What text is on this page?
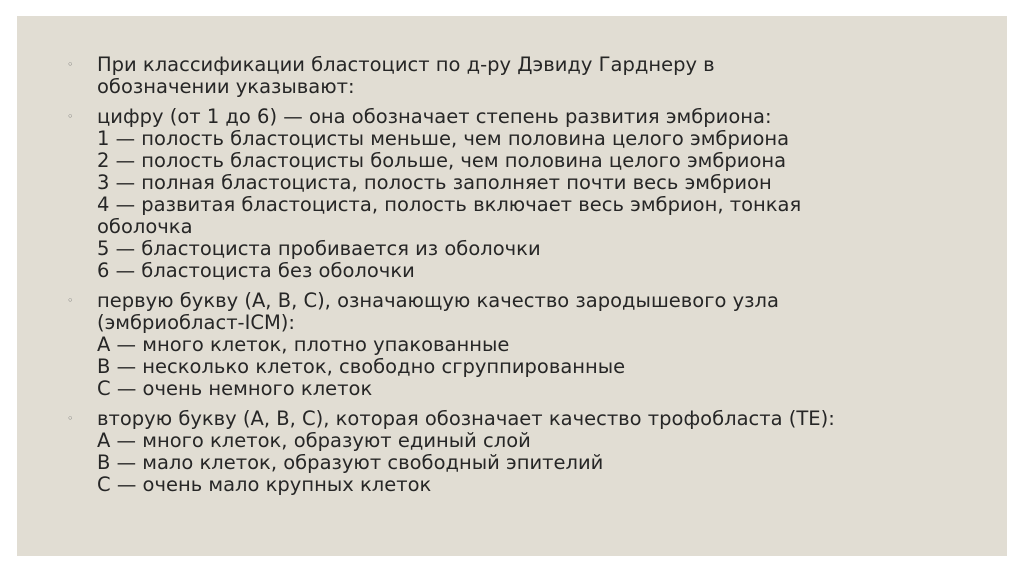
◦ При классификации бластоцист по д-ру Дэвиду Гарднеру в
обозначении указывают:
◦ цифру (от 1 до 6) — она обозначает степень развития эмбриона:
1 — полость бластоцисты меньше, чем половина целого эмбриона
2 — полость бластоцисты больше, чем половина целого эмбриона
3 — полная бластоциста, полость заполняет почти весь эмбрион
4 — развитая бластоциста, полость включает весь эмбрион, тонкая
оболочка
5 — бластоциста пробивается из оболочки
6 — бластоциста без оболочки
◦ первую букву (A, B, C), означающую качество зародышевого узла
(эмбриобласт-ICM):
A — много клеток, плотно упакованные
B — несколько клеток, свободно сгруппированные
C — очень немного клеток
◦ вторую букву (A, B, C), которая обозначает качество трофобласта (TE):
A — много клеток, образуют единый слой
B — мало клеток, образуют свободный эпителий
C — очень мало крупных клеток
